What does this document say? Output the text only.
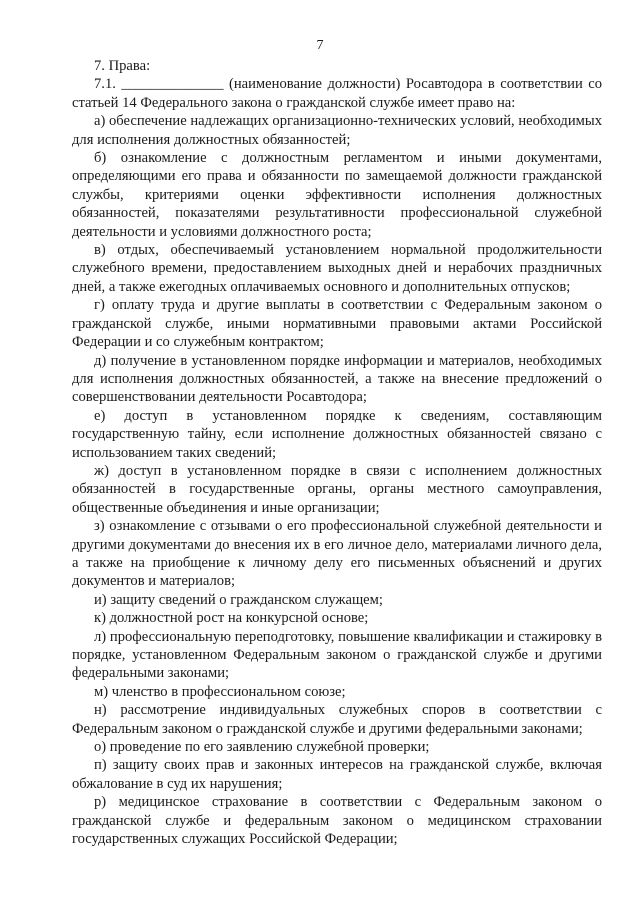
7

7. Права:

7.1. ______________ (наименование должности) Росавтодора в соответствии со статьей 14 Федерального закона о гражданской службе имеет право на:

а) обеспечение надлежащих организационно-технических условий, необходимых для исполнения должностных обязанностей;

б) ознакомление с должностным регламентом и иными документами, определяющими его права и обязанности по замещаемой должности гражданской службы, критериями оценки эффективности исполнения должностных обязанностей, показателями результативности профессиональной служебной деятельности и условиями должностного роста;

в) отдых, обеспечиваемый установлением нормальной продолжительности служебного времени, предоставлением выходных дней и нерабочих праздничных дней, а также ежегодных оплачиваемых основного и дополнительных отпусков;

г) оплату труда и другие выплаты в соответствии с Федеральным законом о гражданской службе, иными нормативными правовыми актами Российской Федерации и со служебным контрактом;

д) получение в установленном порядке информации и материалов, необходимых для исполнения должностных обязанностей, а также на внесение предложений о совершенствовании деятельности Росавтодора;

е) доступ в установленном порядке к сведениям, составляющим государственную тайну, если исполнение должностных обязанностей связано с использованием таких сведений;

ж) доступ в установленном порядке в связи с исполнением должностных обязанностей в государственные органы, органы местного самоуправления, общественные объединения и иные организации;

з) ознакомление с отзывами о его профессиональной служебной деятельности и другими документами до внесения их в его личное дело, материалами личного дела, а также на приобщение к личному делу его письменных объяснений и других документов и материалов;

и) защиту сведений о гражданском служащем;

к) должностной рост на конкурсной основе;

л) профессиональную переподготовку, повышение квалификации и стажировку в порядке, установленном Федеральным законом о гражданской службе и другими федеральными законами;

м) членство в профессиональном союзе;

н) рассмотрение индивидуальных служебных споров в соответствии с Федеральным законом о гражданской службе и другими федеральными законами;

о) проведение по его заявлению служебной проверки;

п) защиту своих прав и законных интересов на гражданской службе, включая обжалование в суд их нарушения;

р) медицинское страхование в соответствии с Федеральным законом о гражданской службе и федеральным законом о медицинском страховании государственных служащих Российской Федерации;
